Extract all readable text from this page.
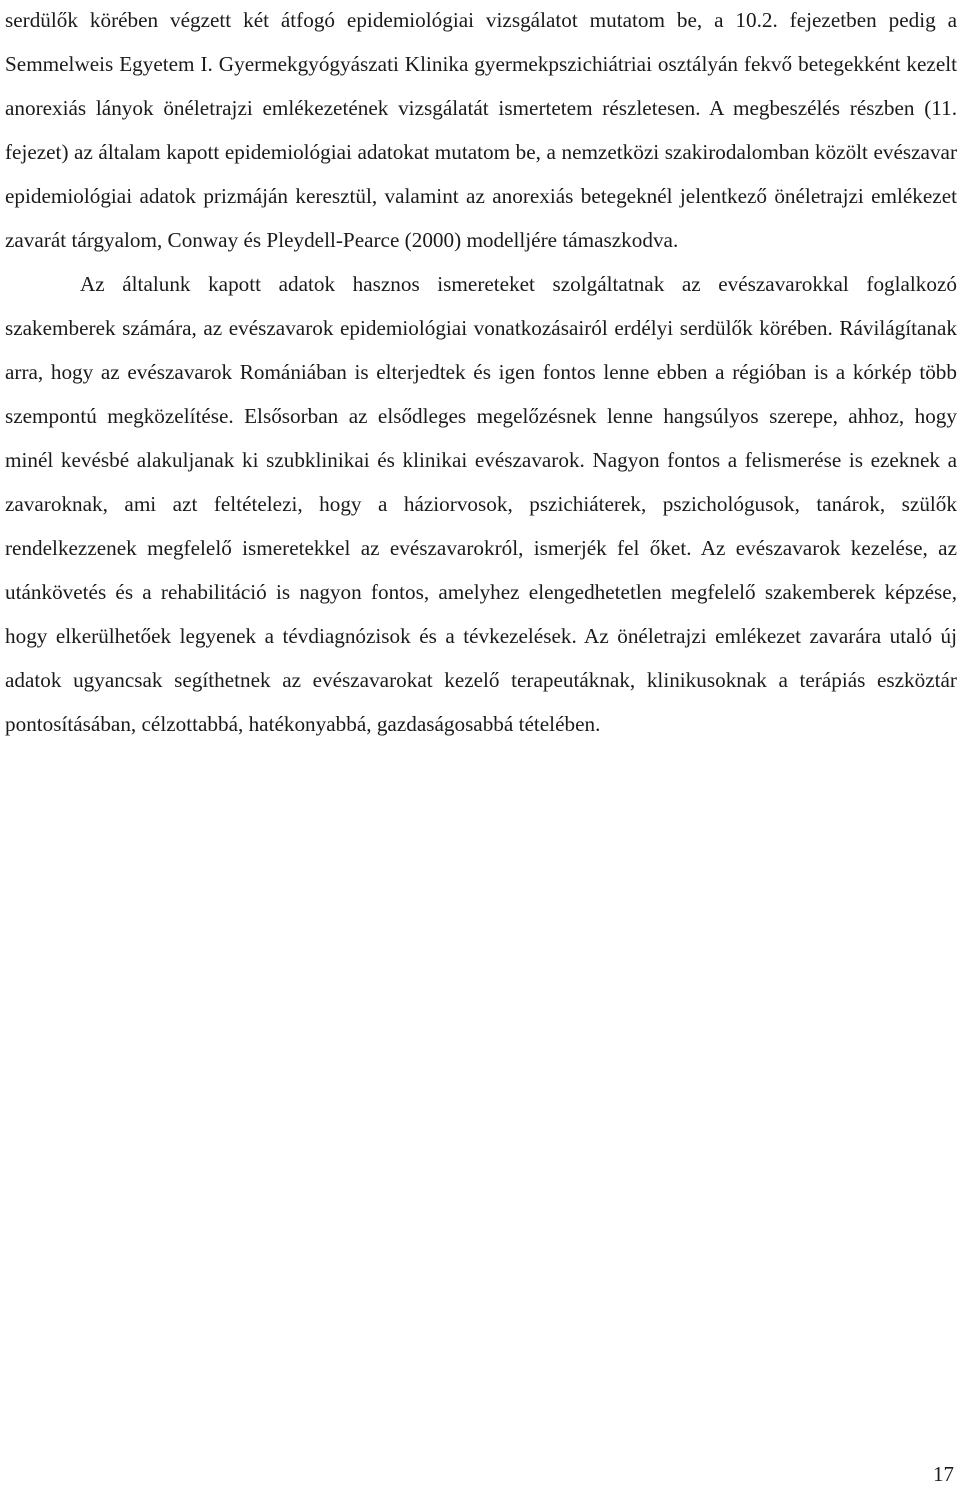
serdülők körében végzett két átfogó epidemiológiai vizsgálatot mutatom be, a 10.2. fejezetben pedig a Semmelweis Egyetem I. Gyermekgyógyászati Klinika gyermekpszichiátriai osztályán fekvő betegekként kezelt anorexiás lányok önéletrajzi emlékezetének vizsgálatát ismertetem részletesen. A megbeszélés részben (11. fejezet) az általam kapott epidemiológiai adatokat mutatom be, a nemzetközi szakirodalomban közölt evészavar epidemiológiai adatok prizmáján keresztül, valamint az anorexiás betegeknél jelentkező önéletrajzi emlékezet zavarát tárgyalom, Conway és Pleydell-Pearce (2000) modelljére támaszkodva.

Az általunk kapott adatok hasznos ismereteket szolgáltatnak az evészavarokkal foglalkozó szakemberek számára, az evészavarok epidemiológiai vonatkozásairól erdélyi serdülők körében. Rávilágítanak arra, hogy az evészavarok Romániában is elterjedtek és igen fontos lenne ebben a régióban is a kórkép több szempontú megközelítése. Elsősorban az elsődleges megelőzésnek lenne hangsúlyos szerepe, ahhoz, hogy minél kevésbé alakuljanak ki szubklinikai és klinikai evészavarok. Nagyon fontos a felismerése is ezeknek a zavaroknak, ami azt feltételezi, hogy a háziorvosok, pszichiáterek, pszichológusok, tanárok, szülők rendelkezzenek megfelelő ismeretekkel az evészavarokról, ismerjék fel őket. Az evészavarok kezelése, az utánkövetés és a rehabilitáció is nagyon fontos, amelyhez elengedhetetlen megfelelő szakemberek képzése, hogy elkerülhetőek legyenek a tévdiagnózisok és a tévkezelések. Az önéletrajzi emlékezet zavarára utaló új adatok ugyancsak segíthetnek az evészavarokat kezelő terapeutáknak, klinikusoknak a terápiás eszköztár pontosításában, célzottabbá, hatékonyabbá, gazdaságosabbá tételében.

17
